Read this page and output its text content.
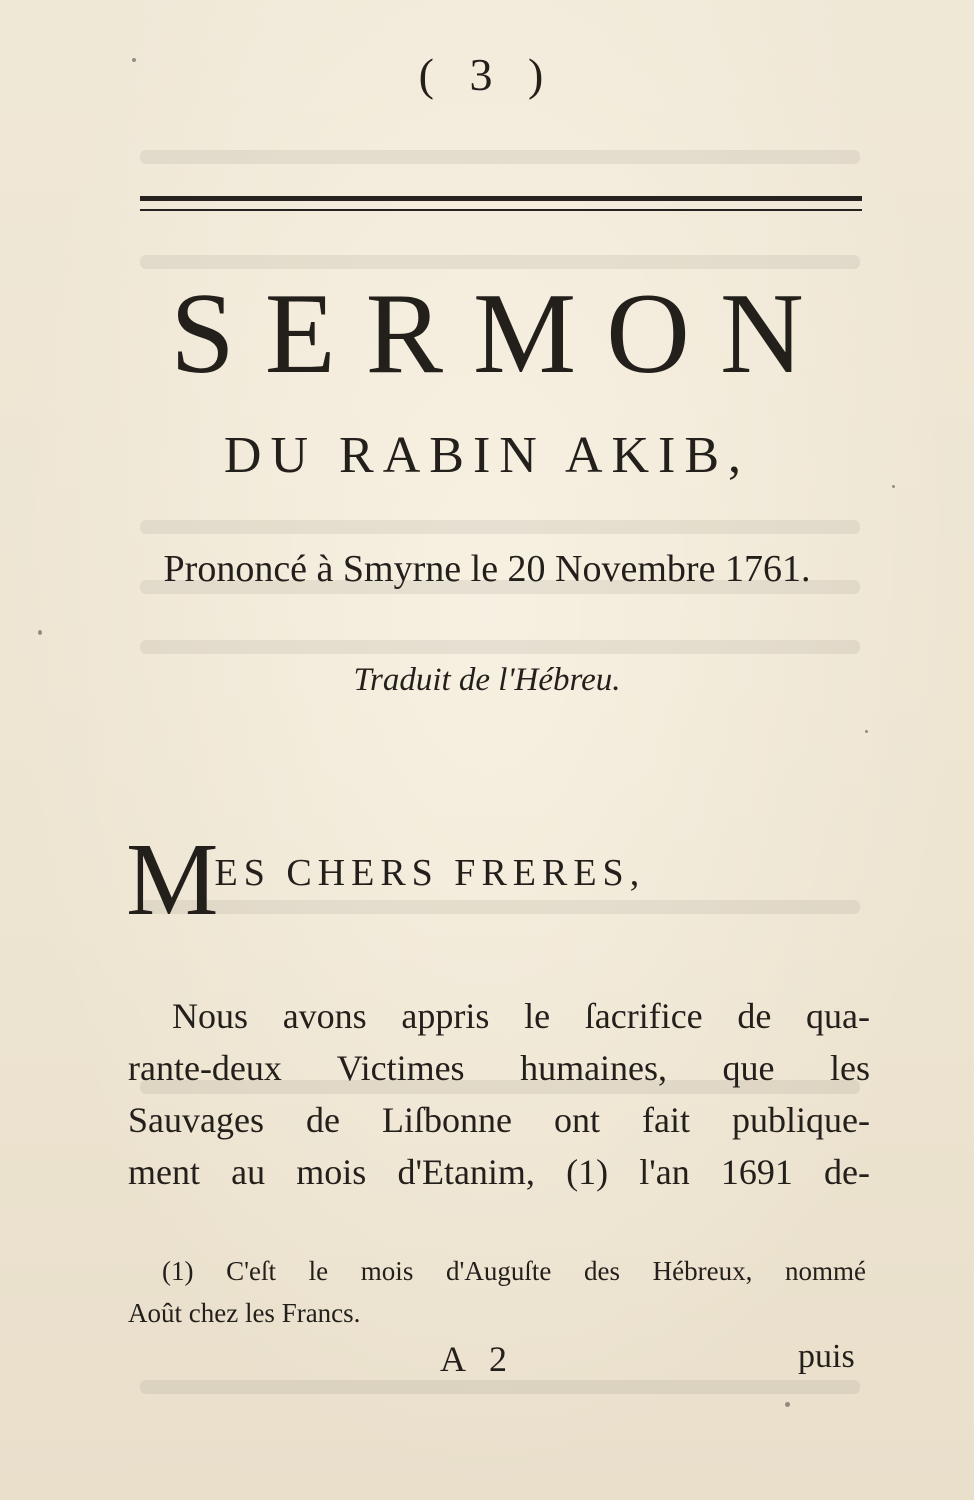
( 3 )
SERMON
DU RABIN AKIB,
Prononcé à Smyrne le 20 Novembre 1761.
Traduit de l'Hébreu.
MES CHERS FRERES,
Nous avons appris le ſacrifice de qua-
rante-deux Victimes humaines, que les
Sauvages de Liſbonne ont fait publique-
ment au mois d'Etanim, (1) l'an 1691 de-
(1) C'eſt le mois d'Auguſte des Hébreux, nommé
Août chez les Francs.
A 2	puis
